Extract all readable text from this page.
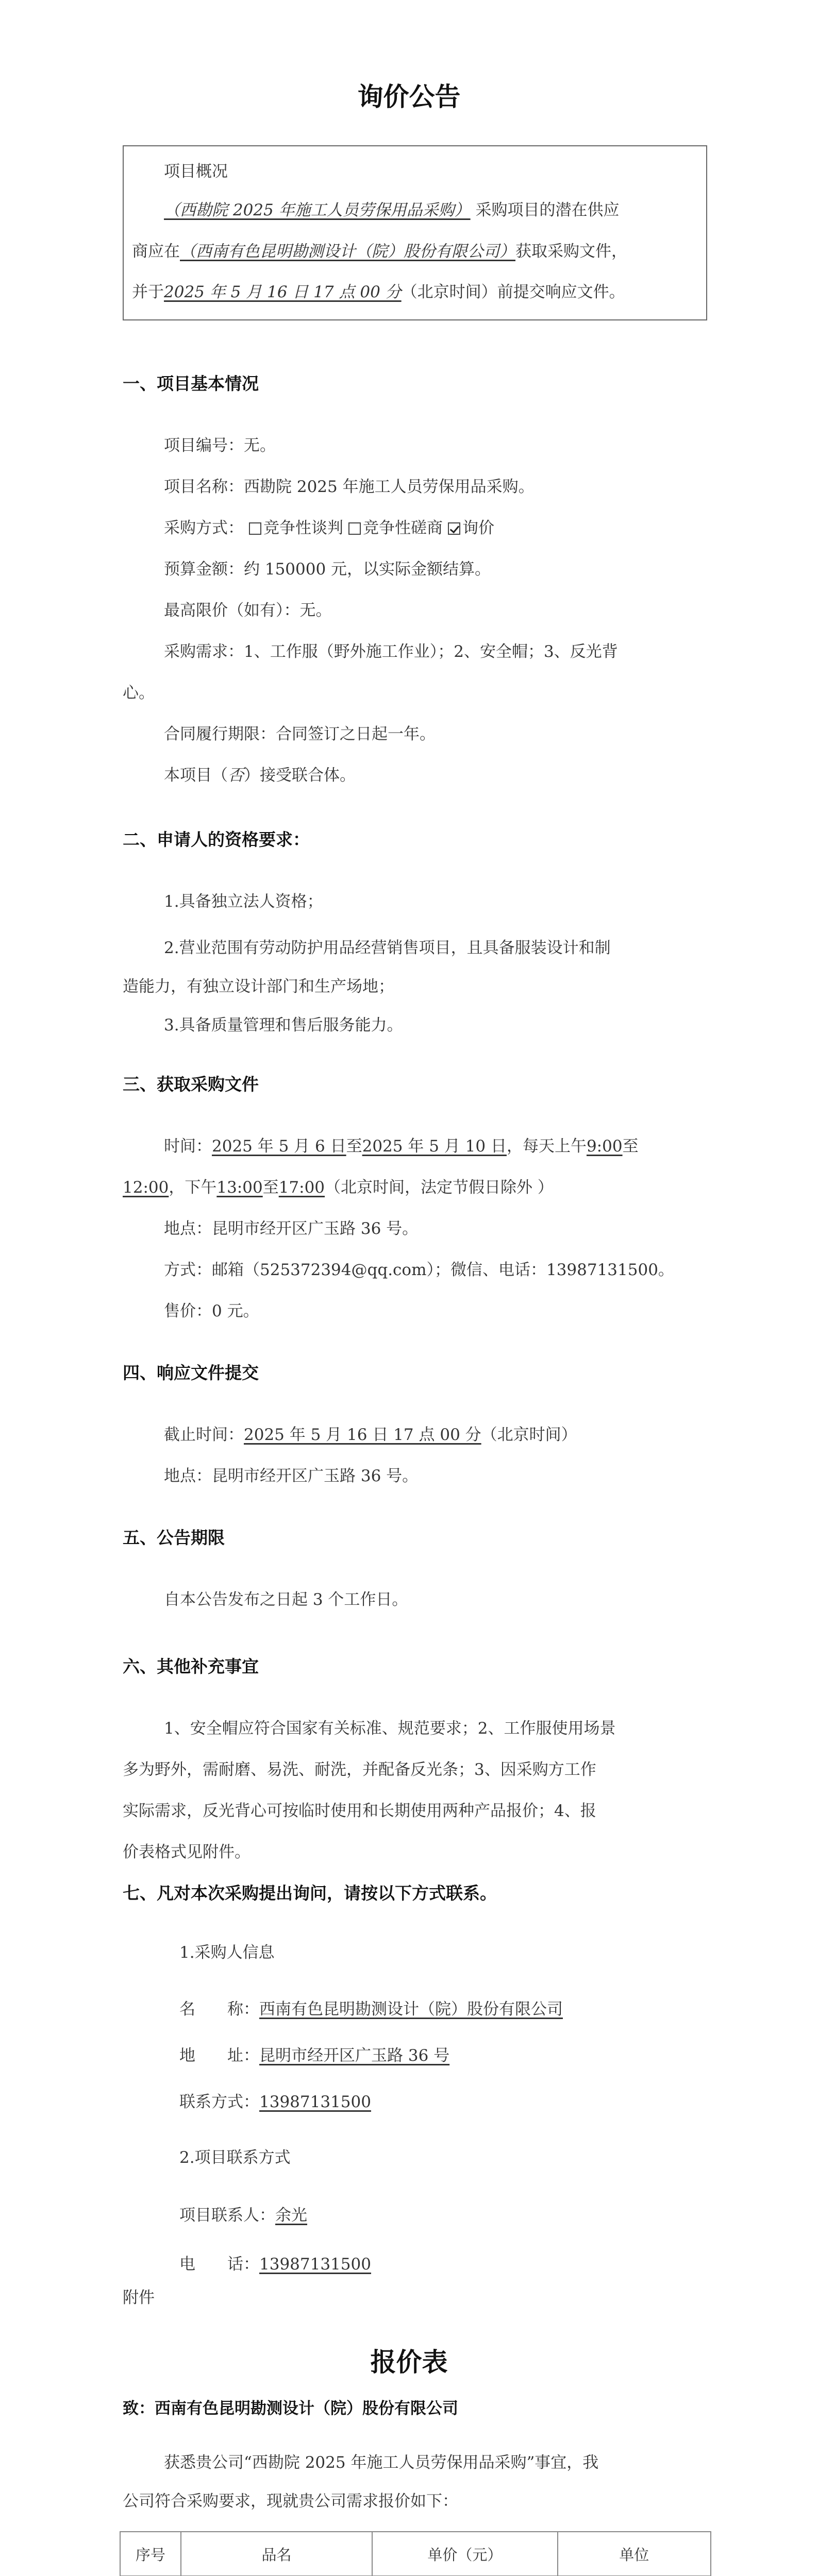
询价公告
项目概况
（西勘院 2025 年施工人员劳保用品采购） 采购项目的潜在供应
商应在（西南有色昆明勘测设计（院）股份有限公司）获取采购文件，
并于2025 年 5 月 16 日 17 点 00 分（北京时间）前提交响应文件。
一、项目基本情况
项目编号：无。
项目名称：西勘院 2025 年施工人员劳保用品采购。
采购方式： 竞争性谈判 竞争性磋商 询价
预算金额：约 150000 元，以实际金额结算。
最高限价（如有）：无。
采购需求：1、工作服（野外施工作业）；2、安全帽；3、反光背
心。
合同履行期限：合同签订之日起一年。
本项目（否）接受联合体。
二、申请人的资格要求：
1.具备独立法人资格；
2.营业范围有劳动防护用品经营销售项目，且具备服装设计和制
造能力，有独立设计部门和生产场地；
3.具备质量管理和售后服务能力。
三、获取采购文件
时间：2025 年 5 月 6 日至2025 年 5 月 10 日，每天上午9:00至
12:00，下午13:00至17:00（北京时间，法定节假日除外 ）
地点：昆明市经开区广玉路 36 号。
方式：邮箱（525372394@qq.com）；微信、电话：13987131500。
售价：0 元。
四、响应文件提交
截止时间：2025 年 5 月 16 日 17 点 00 分（北京时间）
地点：昆明市经开区广玉路 36 号。
五、公告期限
自本公告发布之日起 3 个工作日。
六、其他补充事宜
1、安全帽应符合国家有关标准、规范要求；2、工作服使用场景
多为野外，需耐磨、易洗、耐洗，并配备反光条；3、因采购方工作
实际需求，反光背心可按临时使用和长期使用两种产品报价；4、报
价表格式见附件。
七、凡对本次采购提出询问，请按以下方式联系。
1.采购人信息
名　　称：西南有色昆明勘测设计（院）股份有限公司
地　　址：昆明市经开区广玉路 36 号
联系方式：13987131500
2.项目联系方式
项目联系人：余光
电　　话：13987131500
附件
报价表
致：西南有色昆明勘测设计（院）股份有限公司
获悉贵公司“西勘院 2025 年施工人员劳保用品采购”事宜，我
公司符合采购要求，现就贵公司需求报价如下：
序号	品名	单价（元）	单位
